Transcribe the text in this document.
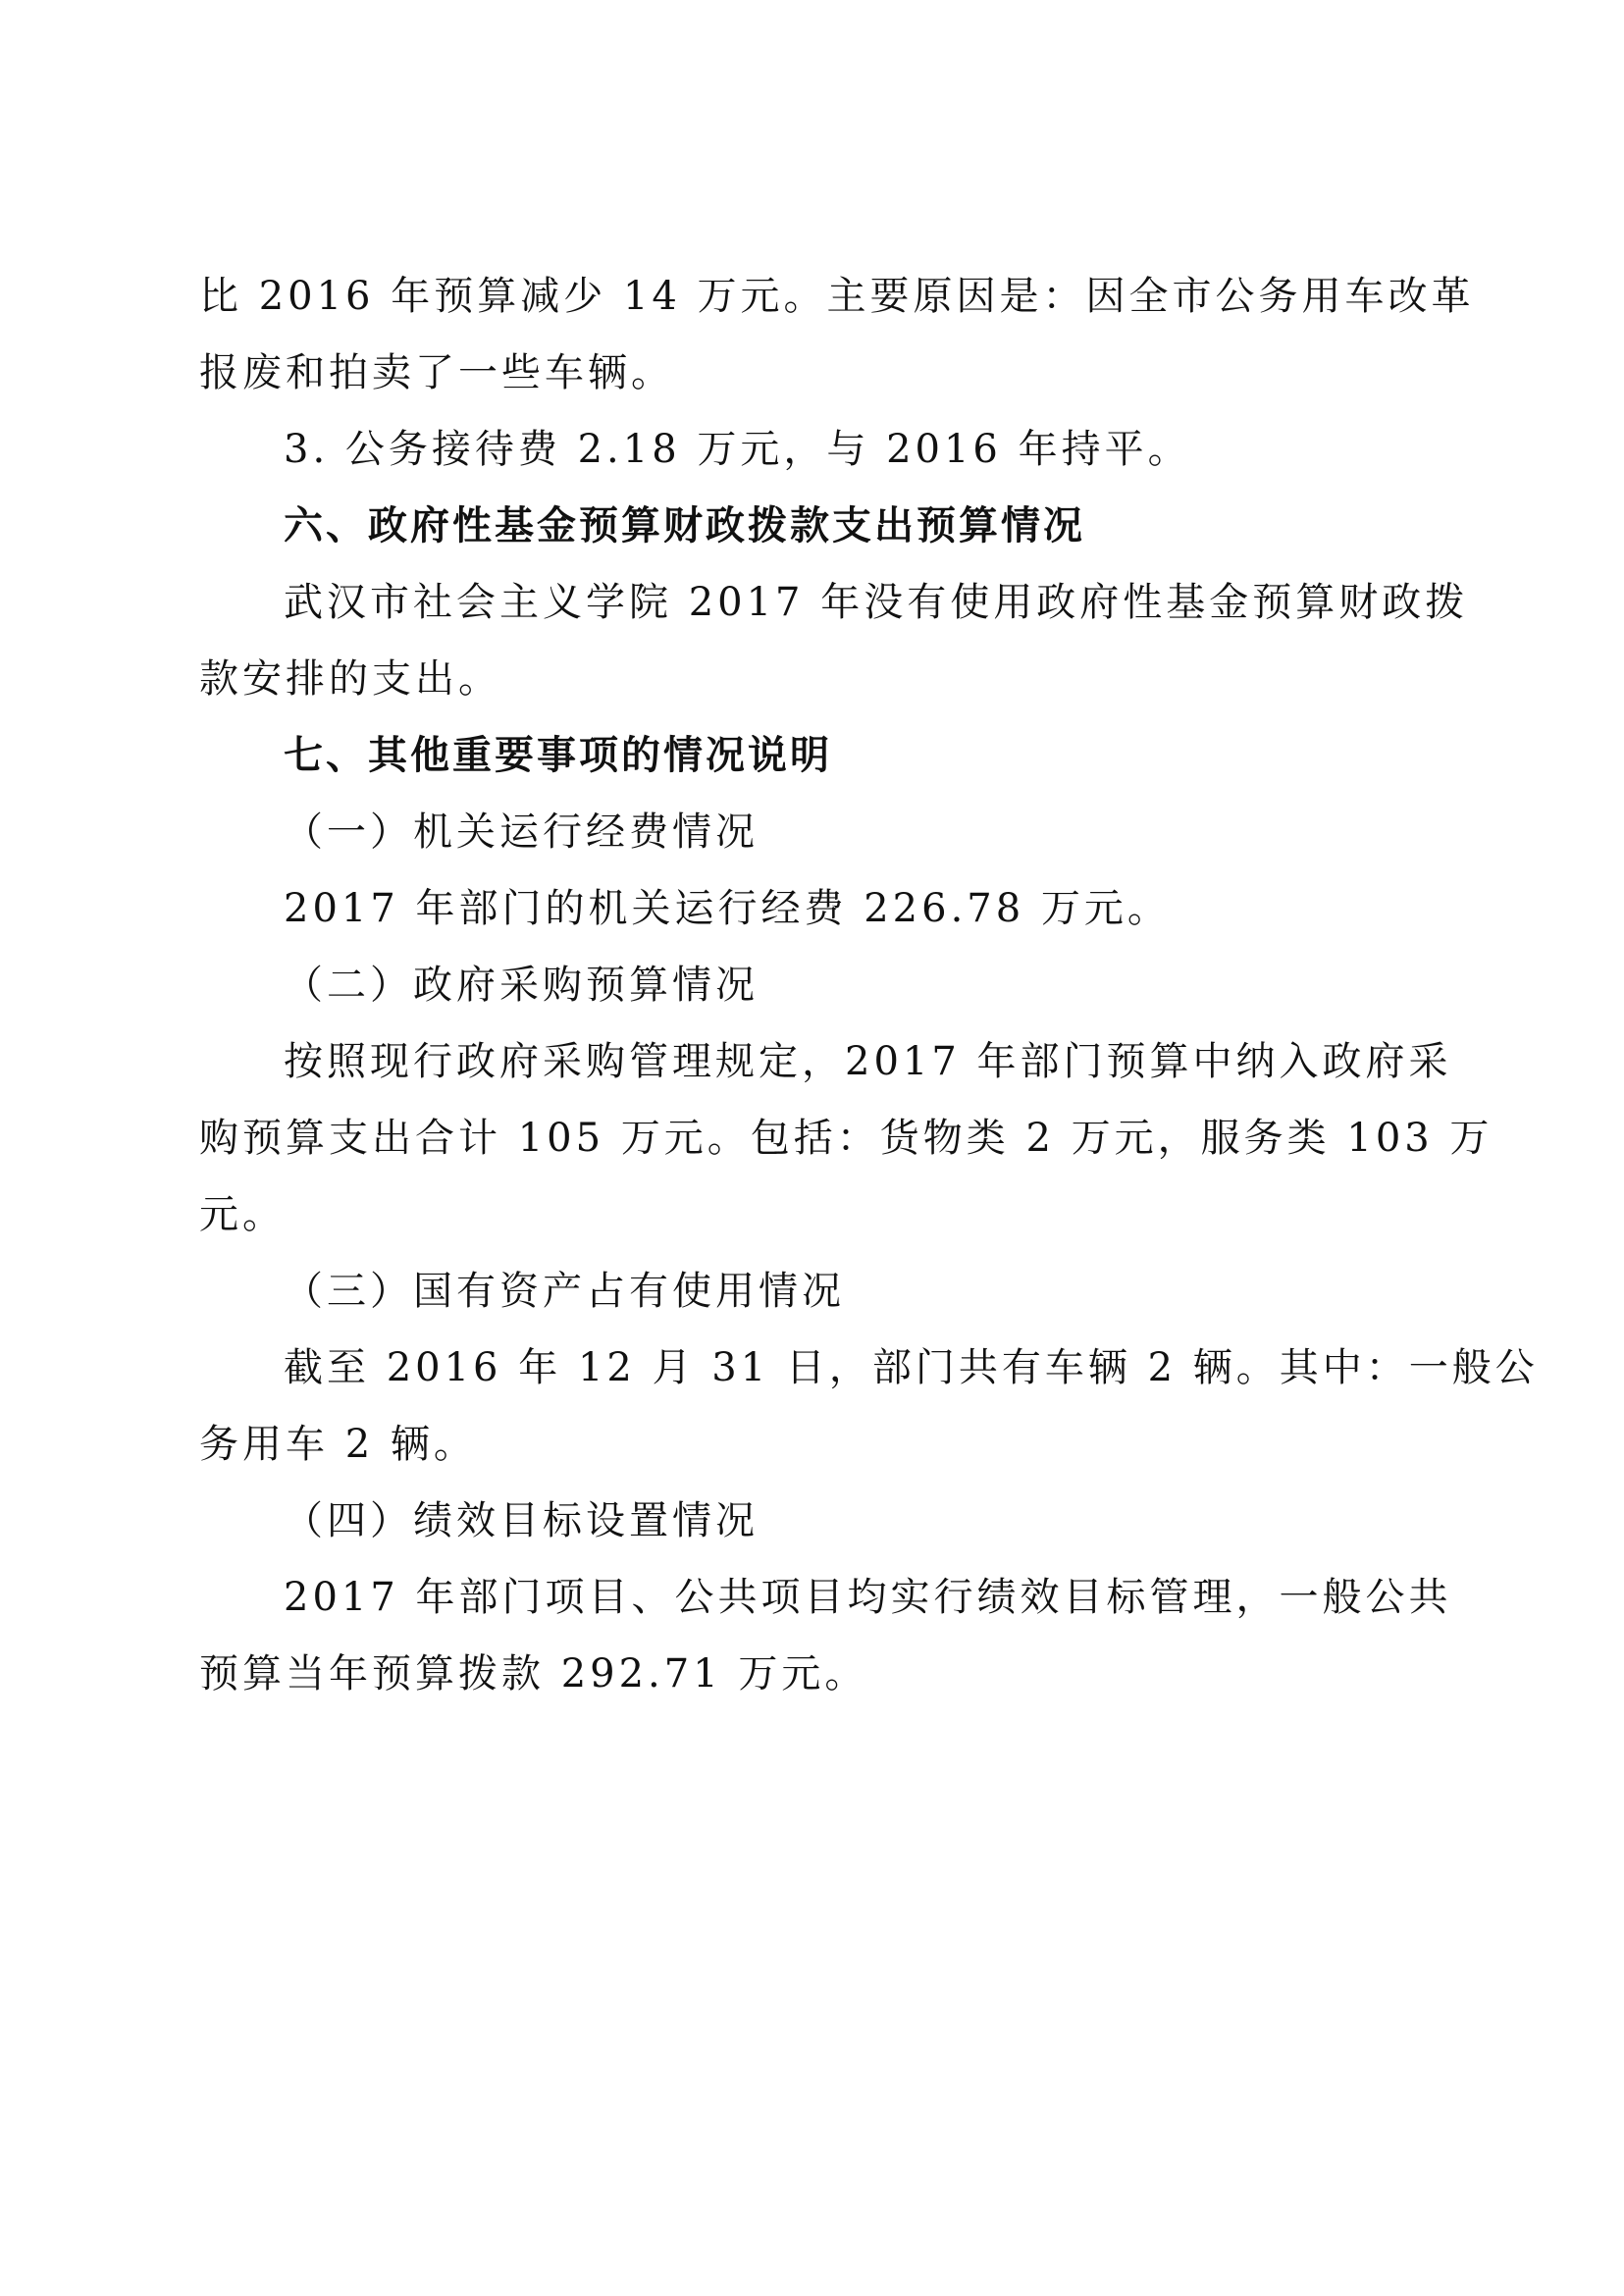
比 2016 年预算减少 14 万元。主要原因是：因全市公务用车改革

报废和拍卖了一些车辆。

3. 公务接待费 2.18 万元，与 2016 年持平。

六、政府性基金预算财政拨款支出预算情况

武汉市社会主义学院 2017 年没有使用政府性基金预算财政拨

款安排的支出。

七、其他重要事项的情况说明

（一）机关运行经费情况

2017 年部门的机关运行经费 226.78 万元。

（二）政府采购预算情况

按照现行政府采购管理规定，2017 年部门预算中纳入政府采

购预算支出合计 105 万元。包括：货物类 2 万元，服务类 103 万

元。

（三）国有资产占有使用情况

截至 2016 年 12 月 31 日，部门共有车辆 2 辆。其中：一般公

务用车 2 辆。

（四）绩效目标设置情况

2017 年部门项目、公共项目均实行绩效目标管理，一般公共

预算当年预算拨款 292.71 万元。
